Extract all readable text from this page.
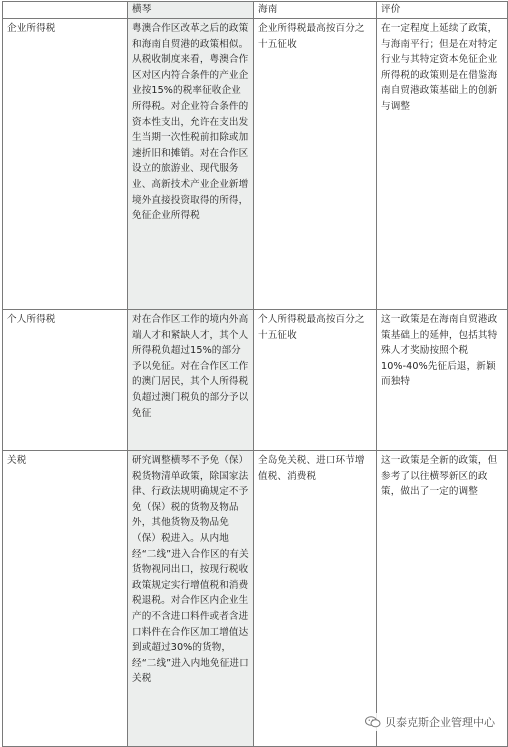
	横琴	海南	评价
企业所得税	粤澳合作区改革之后的政策和海南自贸港的政策相似。从税收制度来看，粤澳合作区对区内符合条件的产业企业按15%的税率征收企业所得税。对企业符合条件的资本性支出，允许在支出发生当期一次性税前扣除或加速折旧和摊销。对在合作区设立的旅游业、现代服务业、高新技术产业企业新增境外直接投资取得的所得，免征企业所得税	企业所得税最高按百分之十五征收	在一定程度上延续了政策，与海南平行；但是在对特定行业与其特定资本免征企业所得税的政策则是在借鉴海南自贸港政策基础上的创新与调整
个人所得税	对在合作区工作的境内外高端人才和紧缺人才，其个人所得税负超过15%的部分予以免征。对在合作区工作的澳门居民，其个人所得税负超过澳门税负的部分予以免征	个人所得税最高按百分之十五征收	这一政策是在海南自贸港政策基础上的延伸，包括其特殊人才奖励按照个税10%-40%先征后退，新颖而独特
关税	研究调整横琴不予免（保）税货物清单政策，除国家法律、行政法规明确规定不予免（保）税的货物及物品外，其他货物及物品免（保）税进入。从内地经“二线”进入合作区的有关货物视同出口，按现行税收政策规定实行增值税和消费税退税。对合作区内企业生产的不含进口料件或者含进口料件在合作区加工增值达到或超过30%的货物，经“二线”进入内地免征进口关税	全岛免关税、进口环节增值税、消费税	这一政策是全新的政策，但参考了以往横琴新区的政策，做出了一定的调整
贝泰克斯企业管理中心
